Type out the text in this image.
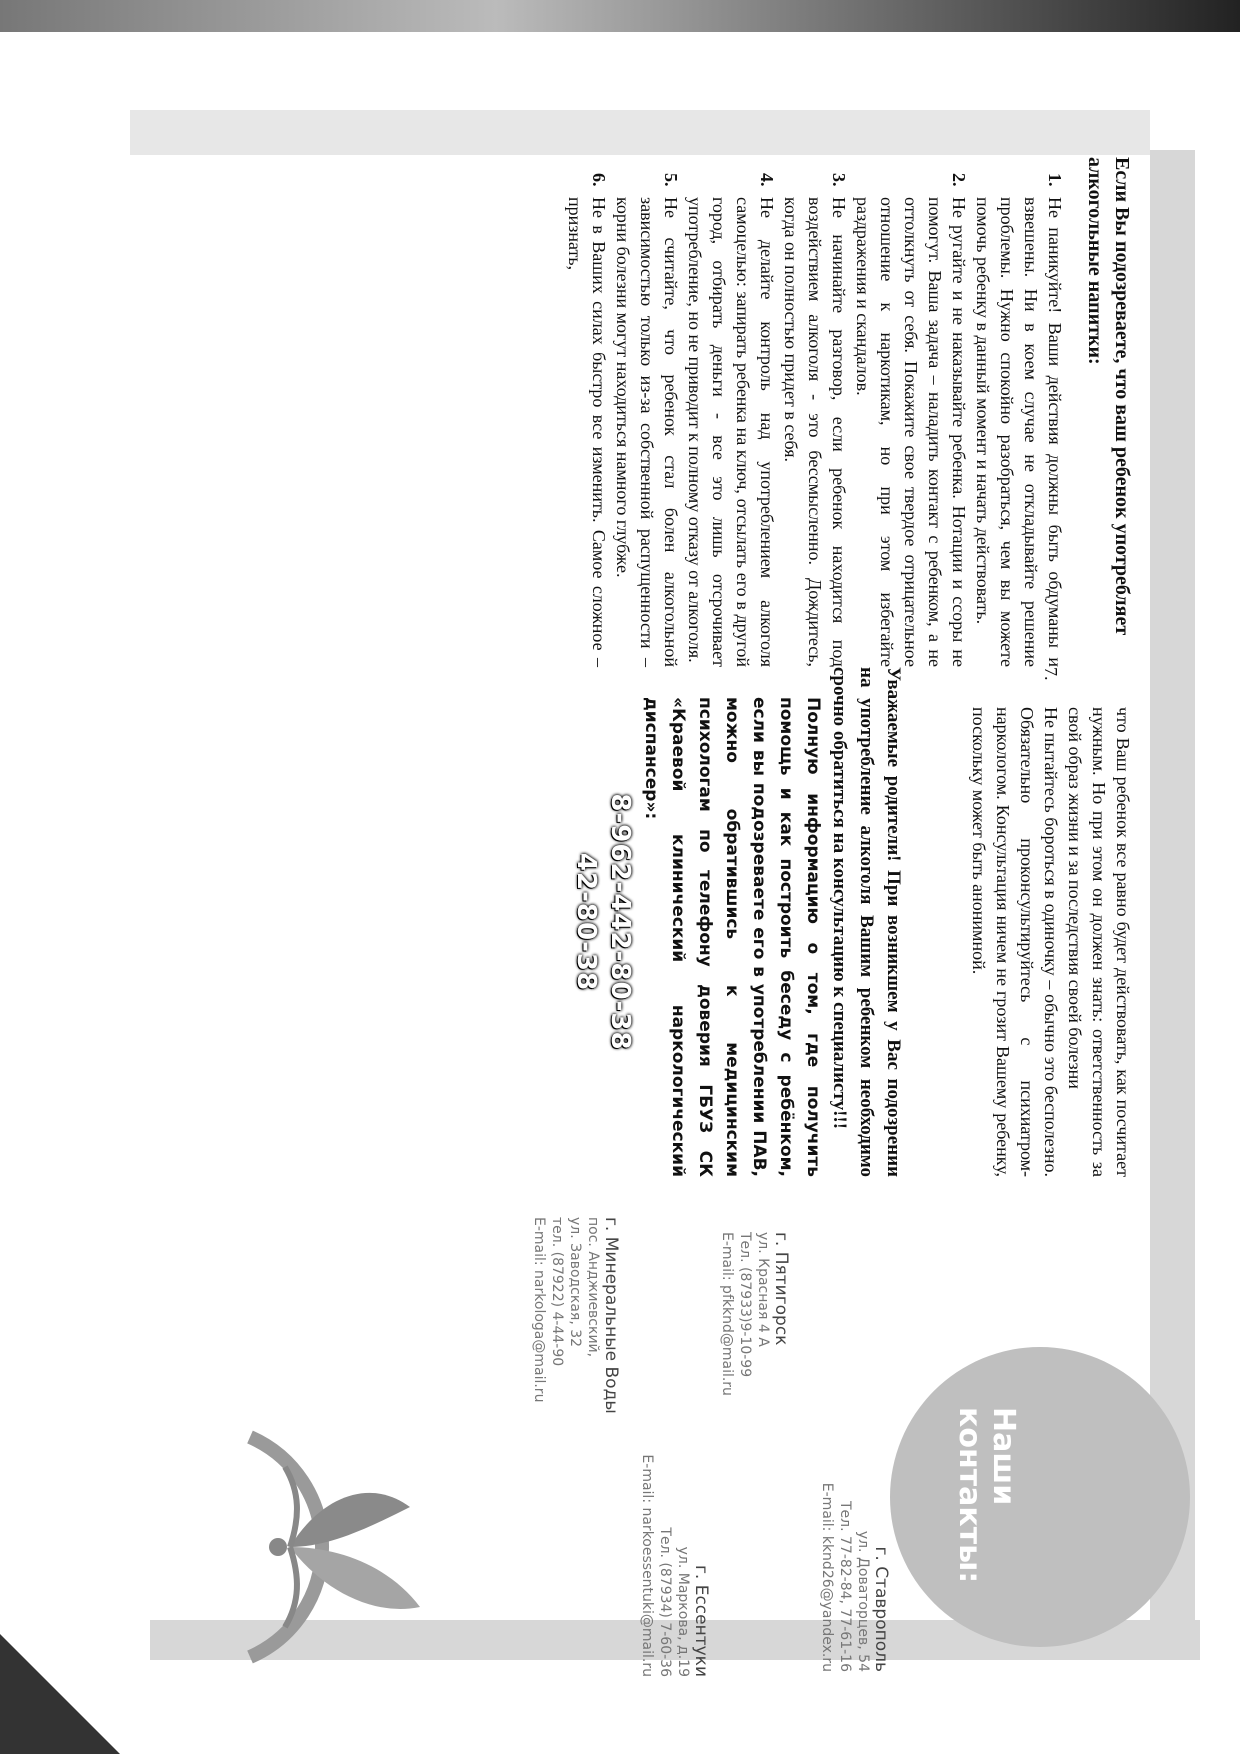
Если Вы подозреваете, что ваш ребенок употребляет алкогольные напитки:
1. Не паникуйте! Ваши действия должны быть обдуманы и взвешены. Ни в коем случае не откладывайте решение проблемы. Нужно спокойно разобраться, чем вы можете помочь ребенку в данный момент и начать действовать.
2. Не ругайте и не наказывайте ребенка. Нотации и ссоры не помогут. Ваша задача – наладить контакт с ребенком, а не оттолкнуть от себя. Покажите свое твердое отрицательное отношение к наркотикам, но при этом избегайте раздражения и скандалов.
3. Не начинайте разговор, если ребенок находится под воздействием алкоголя - это бессмысленно. Дождитесь, когда он полностью придет в себя.
4. Не делайте контроль над употреблением алкоголя самоцелью: запирать ребенка на ключ, отсылать его в другой город, отбирать деньги - все это лишь отсрочивает употребление, но не приводит к полному отказу от алкоголя.
5. Не считайте, что ребенок стал болен алкогольной зависимостью только из-за собственной распущенности – корни болезни могут находиться намного глубже.
6. Не в Ваших силах быстро все изменить. Самое сложное – признать,
что Ваш ребенок все равно будет действовать, как посчитает нужным. Но при этом он должен знать: ответственность за свой образ жизни и за последствия своей болезни
7.
Не пытайтесь бороться в одиночку – обычно это бесполезно. Обязательно проконсультируйтесь с психиатром-наркологом. Консультация ничем не грозит Вашему ребенку, поскольку может быть анонимной.
Уважаемые родители! При возникшем у Вас подозрении на употребление алкоголя Вашим ребенком необходимо срочно обратиться на консультацию к специалисту!!!
Полную информацию о том, где получить помощь и как построить беседу с ребёнком, если вы подозреваете его в употреблении ПАВ, можно обратившись к медицинским психологам по телефону доверия ГБУЗ СК «Краевой клинический наркологический диспансер»:
8-962-442-80-38
42-80-38
Наши
контакты:
г. Ставрополь
ул. Доваторцев, 54
Тел. 77-82-84, 77-61-16
E-mail: kknd26@yandex.ru
г. Пятигорск
ул. Красная 4 А
Тел. (87933)9-10-99
E-mail: pfkknd@mail.ru
г. Ессентуки
ул. Маркова, д.19
Тел. (87934) 7-60-36
E-mail: narkoessentuki@mail.ru
г. Минеральные Воды
пос. Анджиевский,
ул. Заводская, 32
тел. (87922) 4-44-90
E-mail: narkologa@mail.ru
